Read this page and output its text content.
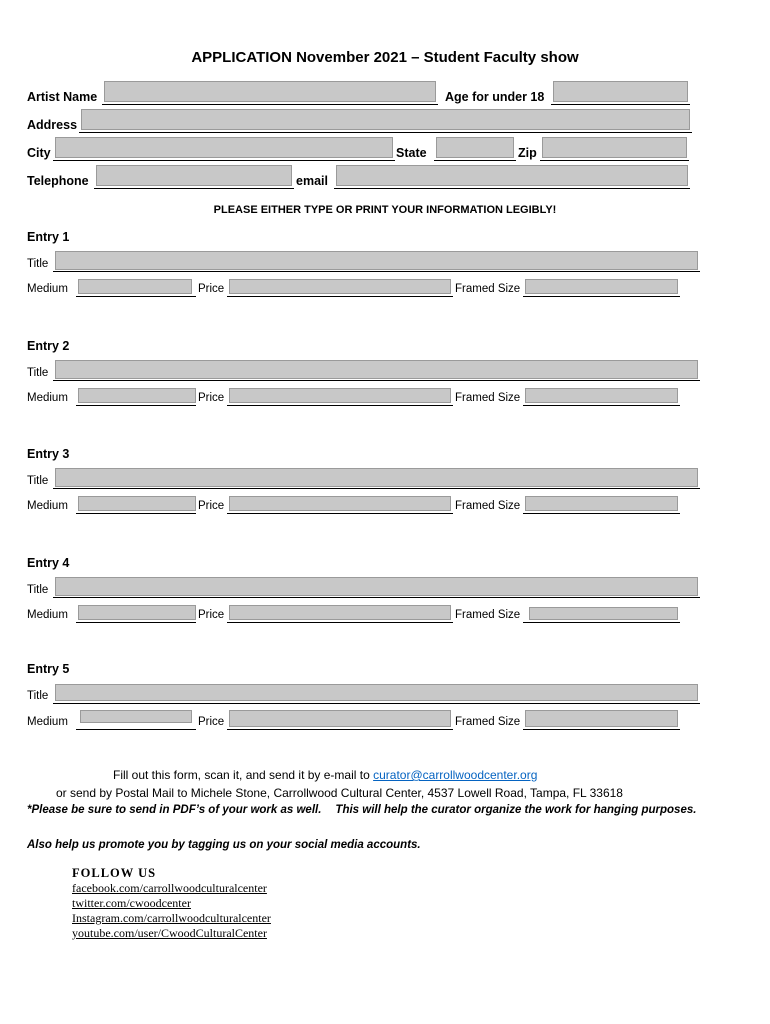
APPLICATION November 2021 – Student Faculty show
Artist Name	Age for under 18
Address
City	State	Zip
Telephone	email
PLEASE EITHER TYPE OR PRINT YOUR INFORMATION LEGIBLY!
Entry 1
Title
Medium	Price	Framed Size
Entry 2
Title
Medium	Price	Framed Size
Entry 3
Title
Medium	Price	Framed Size
Entry 4
Title
Medium	Price	Framed Size
Entry 5
Title
Medium	Price	Framed Size
Fill out this form, scan it, and send it by e-mail to curator@carrollwoodcenter.org
or send by Postal Mail to Michele Stone, Carrollwood Cultural Center, 4537 Lowell Road, Tampa, FL 33618
*Please be sure to send in PDF’s of your work as well. This will help the curator organize the work for hanging purposes.
Also help us promote you by tagging us on your social media accounts.
FOLLOW US
facebook.com/carrollwoodculturalcenter
twitter.com/cwoodcenter
Instagram.com/carrollwoodculturalcenter
youtube.com/user/CwoodCulturalCenter
